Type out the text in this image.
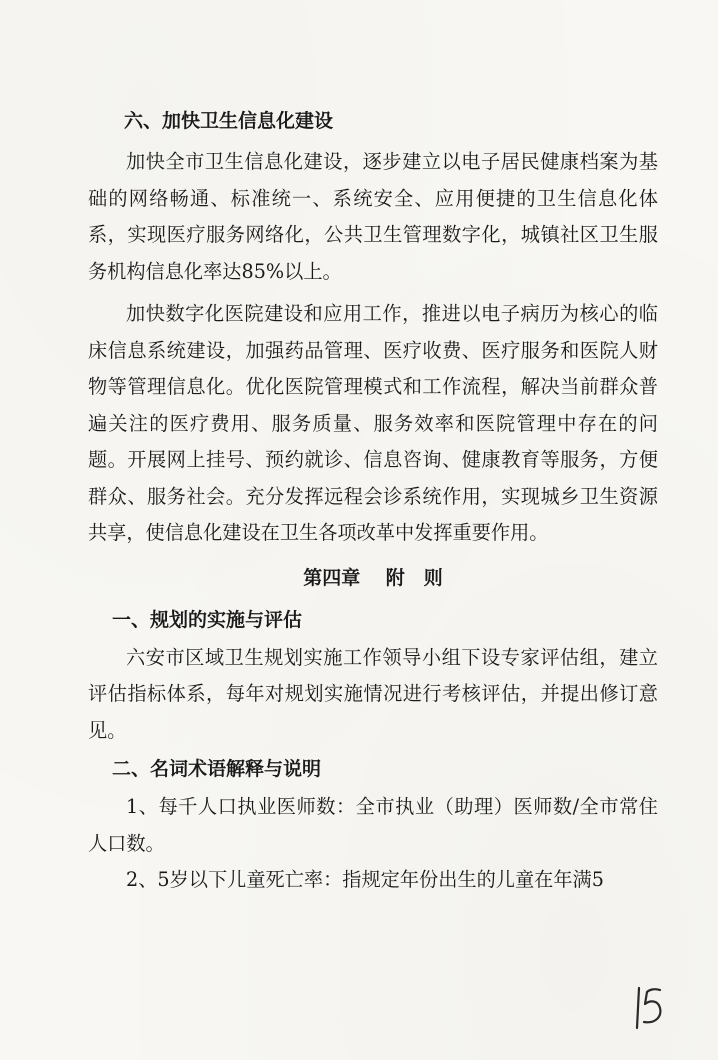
六、加快卫生信息化建设

加快全市卫生信息化建设，逐步建立以电子居民健康档案为基础的网络畅通、标准统一、系统安全、应用便捷的卫生信息化体系，实现医疗服务网络化，公共卫生管理数字化，城镇社区卫生服务机构信息化率达85%以上。

加快数字化医院建设和应用工作，推进以电子病历为核心的临床信息系统建设，加强药品管理、医疗收费、医疗服务和医院人财物等管理信息化。优化医院管理模式和工作流程，解决当前群众普遍关注的医疗费用、服务质量、服务效率和医院管理中存在的问题。开展网上挂号、预约就诊、信息咨询、健康教育等服务，方便群众、服务社会。充分发挥远程会诊系统作用，实现城乡卫生资源共享，使信息化建设在卫生各项改革中发挥重要作用。

第四章　 附　则
一、规划的实施与评估

六安市区域卫生规划实施工作领导小组下设专家评估组，建立评估指标体系，每年对规划实施情况进行考核评估，并提出修订意见。

二、名词术语解释与说明

1、每千人口执业医师数：全市执业（助理）医师数/全市常住人口数。

2、5岁以下儿童死亡率：指规定年份出生的儿童在年满5
